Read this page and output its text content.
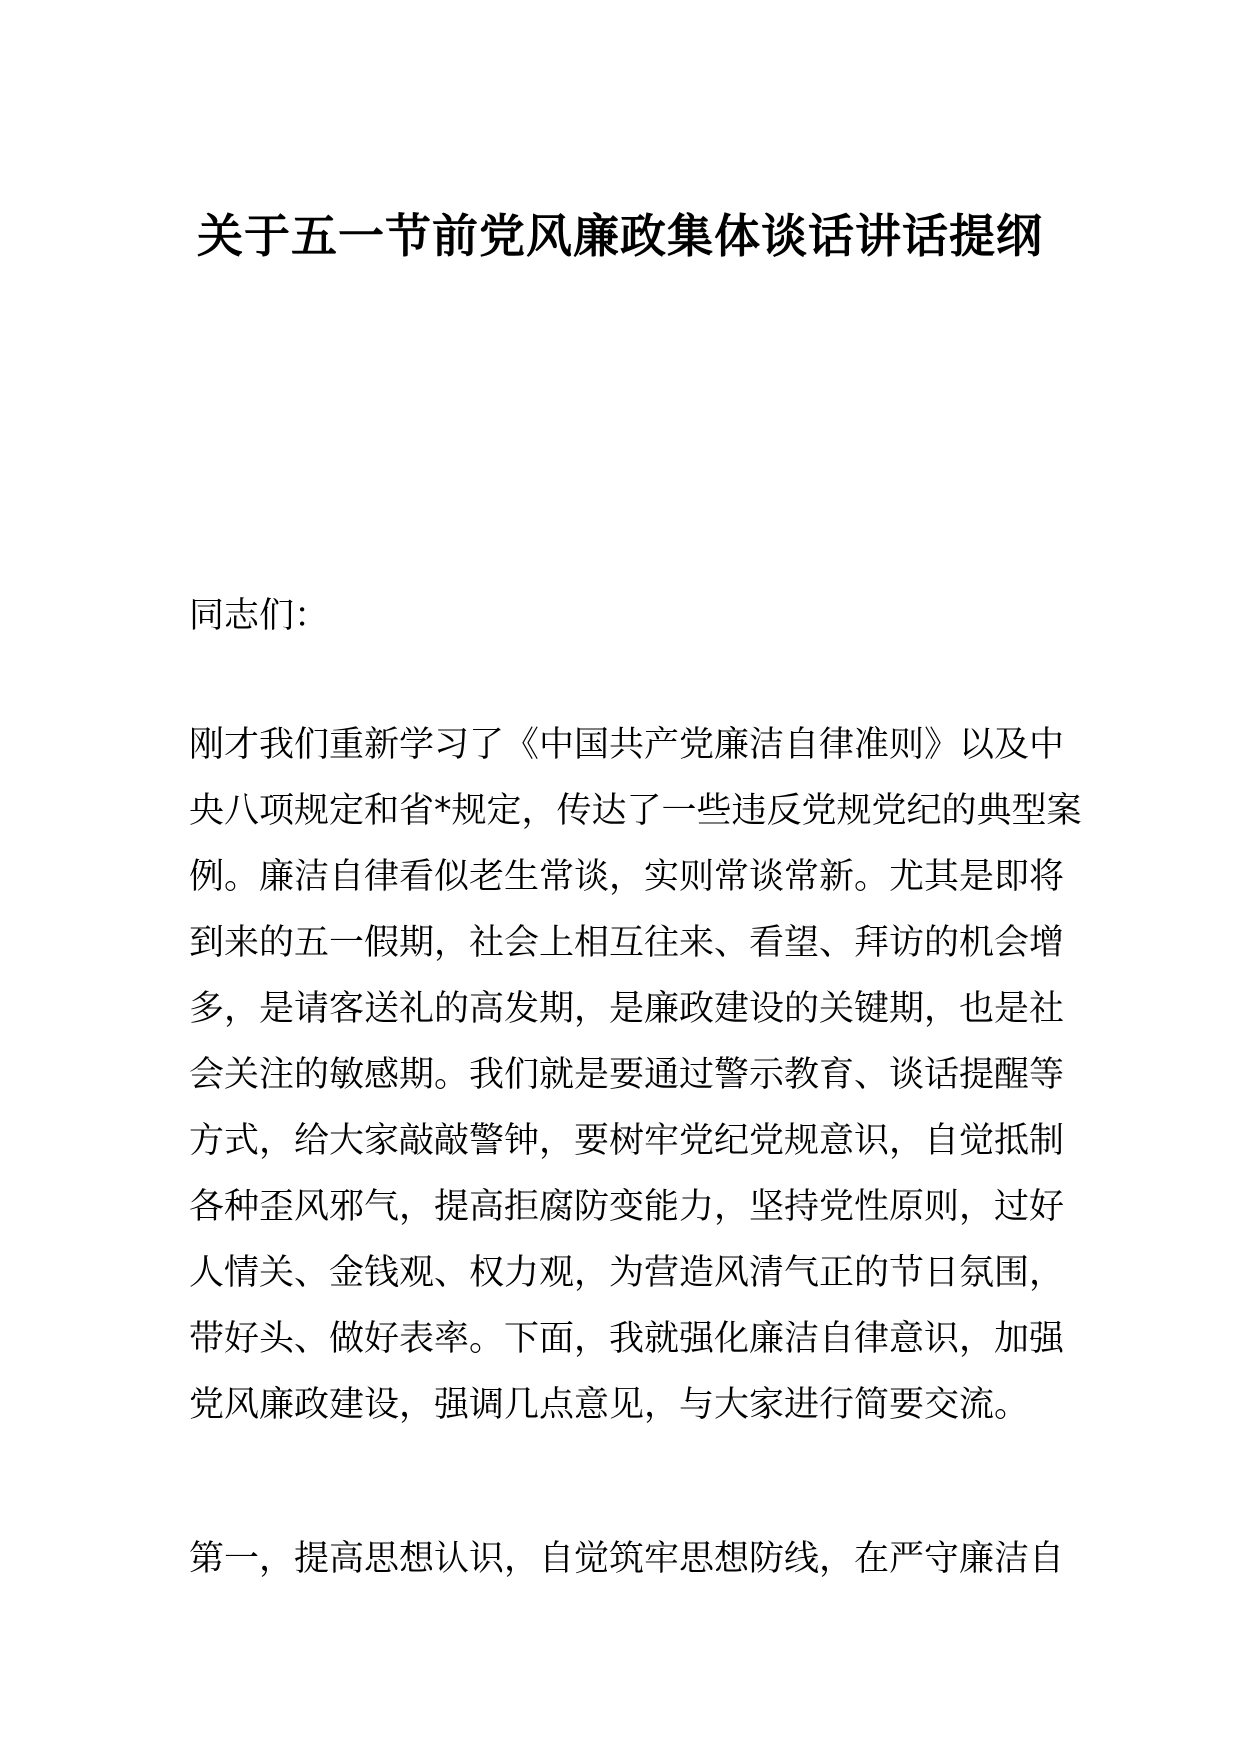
关于五一节前党风廉政集体谈话讲话提纲
同志们：
刚才我们重新学习了《中国共产党廉洁自律准则》以及中
央八项规定和省*规定，传达了一些违反党规党纪的典型案
例。廉洁自律看似老生常谈，实则常谈常新。尤其是即将
到来的五一假期，社会上相互往来、看望、拜访的机会增
多，是请客送礼的高发期，是廉政建设的关键期，也是社
会关注的敏感期。我们就是要通过警示教育、谈话提醒等
方式，给大家敲敲警钟，要树牢党纪党规意识，自觉抵制
各种歪风邪气，提高拒腐防变能力，坚持党性原则，过好
人情关、金钱观、权力观，为营造风清气正的节日氛围，
带好头、做好表率。下面，我就强化廉洁自律意识，加强
党风廉政建设，强调几点意见，与大家进行简要交流。
第一，提高思想认识，自觉筑牢思想防线，在严守廉洁自
